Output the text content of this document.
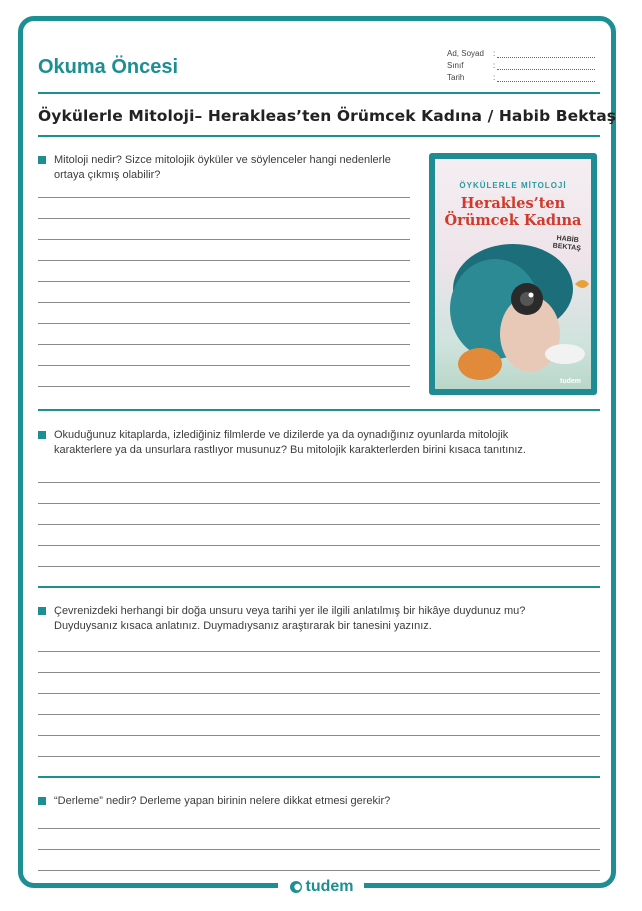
Okuma Öncesi
Ad, Soyad	:
Sınıf	:
Tarih	:
Öykülerle Mitoloji– Herakleas’ten Örümcek Kadına / Habib Bektaş
Mitoloji nedir? Sizce mitolojik öyküler ve söylenceler hangi nedenlerle
ortaya çıkmış olabilir?
ÖYKÜLERLE MİTOLOJİ
Herakles’ten
Örümcek Kadına
HABİB
BEKTAŞ
tudem
Okuduğunuz kitaplarda, izlediğiniz filmlerde ve dizilerde ya da oynadığınız oyunlarda mitolojik
karakterlere ya da unsurlara rastlıyor musunuz? Bu mitolojik karakterlerden birini kısaca tanıtınız.
Çevrenizdeki herhangi bir doğa unsuru veya tarihi yer ile ilgili anlatılmış bir hikâye duydunuz mu?
Duyduysanız kısaca anlatınız. Duymadıysanız araştırarak bir tanesini yazınız.
“Derleme” nedir? Derleme yapan birinin nelere dikkat etmesi gerekir?
tudem
